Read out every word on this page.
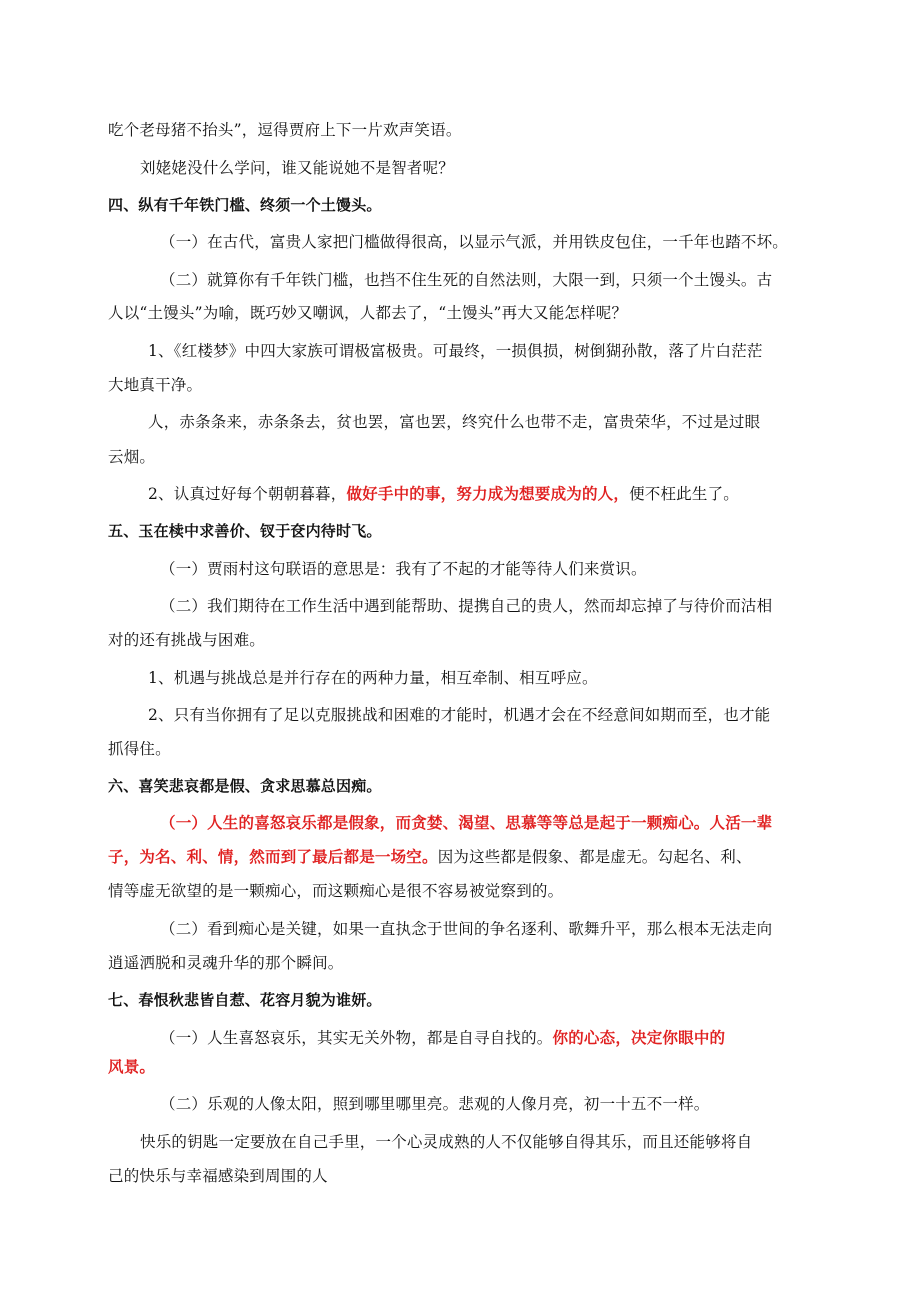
吃个老母猪不抬头”，逗得贾府上下一片欢声笑语。
刘姥姥没什么学问，谁又能说她不是智者呢？
四、纵有千年铁门槛、终须一个土馒头。
（一）在古代，富贵人家把门槛做得很高，以显示气派，并用铁皮包住，一千年也踏不坏。
（二）就算你有千年铁门槛，也挡不住生死的自然法则，大限一到，只须一个土馒头。古
人以“土馒头”为喻，既巧妙又嘲讽，人都去了，“土馒头”再大又能怎样呢？
1、《红楼梦》中四大家族可谓极富极贵。可最终，一损俱损，树倒猢孙散，落了片白茫茫
大地真干净。
人，赤条条来，赤条条去，贫也罢，富也罢，终究什么也带不走，富贵荣华，不过是过眼
云烟。
2、认真过好每个朝朝暮暮，做好手中的事，努力成为想要成为的人，便不枉此生了。
五、玉在椟中求善价、钗于奁内待时飞。
（一）贾雨村这句联语的意思是：我有了不起的才能等待人们来赏识。
（二）我们期待在工作生活中遇到能帮助、提携自己的贵人，然而却忘掉了与待价而沽相
对的还有挑战与困难。
1、机遇与挑战总是并行存在的两种力量，相互牵制、相互呼应。
2、只有当你拥有了足以克服挑战和困难的才能时，机遇才会在不经意间如期而至，也才能
抓得住。
六、喜笑悲哀都是假、贪求思慕总因痴。
（一）人生的喜怒哀乐都是假象，而贪婪、渴望、思慕等等总是起于一颗痴心。人活一辈
子，为名、利、情，然而到了最后都是一场空。因为这些都是假象、都是虚无。勾起名、利、
情等虚无欲望的是一颗痴心，而这颗痴心是很不容易被觉察到的。
（二）看到痴心是关键，如果一直执念于世间的争名逐利、歌舞升平，那么根本无法走向
逍遥洒脱和灵魂升华的那个瞬间。
七、春恨秋悲皆自惹、花容月貌为谁妍。
（一）人生喜怒哀乐，其实无关外物，都是自寻自找的。你的心态，决定你眼中的
风景。
（二）乐观的人像太阳，照到哪里哪里亮。悲观的人像月亮，初一十五不一样。
快乐的钥匙一定要放在自己手里，一个心灵成熟的人不仅能够自得其乐，而且还能够将自
己的快乐与幸福感染到周围的人
